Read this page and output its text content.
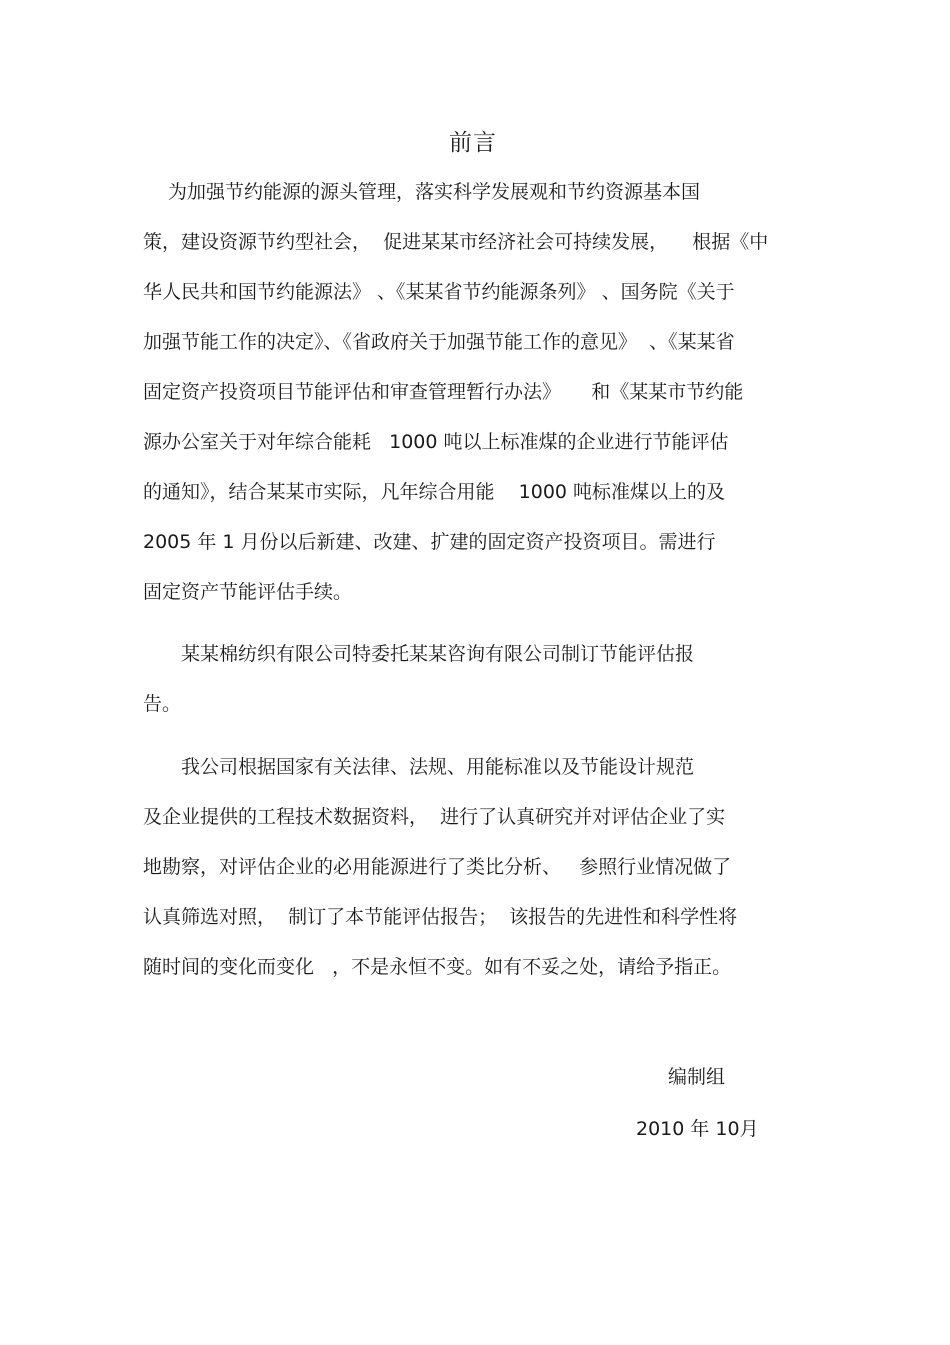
前言
　 为加强节约能源的源头管理，落实科学发展观和节约资源基本国
策，建设资源节约型社会，  促进某某市经济社会可持续发展，    根据《中
华人民共和国节约能源法》 、《某某省节约能源条列》 、国务院《关于
加强节能工作的决定》、《省政府关于加强节能工作的意见》  、《某某省
固定资产投资项目节能评估和审查管理暂行办法》     和《某某市节约能
源办公室关于对年综合能耗   1000 吨以上标准煤的企业进行节能评估
的通知》，结合某某市实际，凡年综合用能    1000 吨标准煤以上的及
2005 年 1 月份以后新建、改建、扩建的固定资产投资项目。需进行
固定资产节能评估手续。
　　某某棉纺织有限公司特委托某某咨询有限公司制订节能评估报
告。
　　我公司根据国家有关法律、法规、用能标准以及节能设计规范
及企业提供的工程技术数据资料，  进行了认真研究并对评估企业了实
地勘察，对评估企业的必用能源进行了类比分析、   参照行业情况做了
认真筛选对照，  制订了本节能评估报告；  该报告的先进性和科学性将
随时间的变化而变化   ，不是永恒不变。如有不妥之处，请给予指正。
编制组
2010 年 10月
